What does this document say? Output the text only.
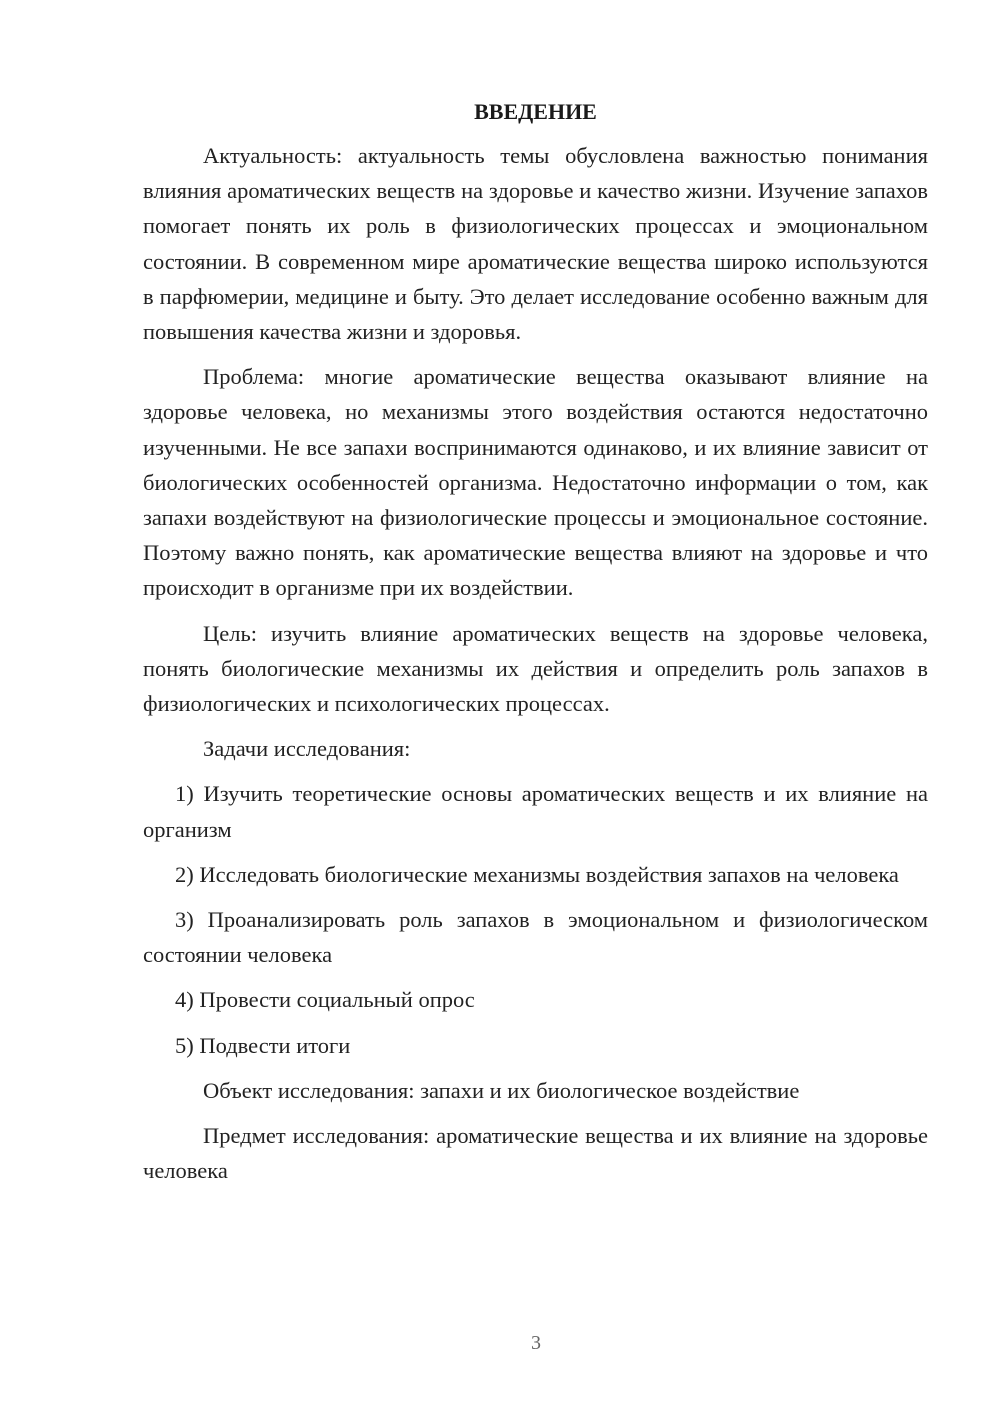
ВВЕДЕНИЕ

Актуальность: актуальность темы обусловлена важностью понимания влияния ароматических веществ на здоровье и качество жизни. Изучение запахов помогает понять их роль в физиологических процессах и эмоциональном состоянии. В современном мире ароматические вещества широко используются в парфюмерии, медицине и быту. Это делает исследование особенно важным для повышения качества жизни и здоровья.

Проблема: многие ароматические вещества оказывают влияние на здоровье человека, но механизмы этого воздействия остаются недостаточно изученными. Не все запахи воспринимаются одинаково, и их влияние зависит от биологических особенностей организма. Недостаточно информации о том, как запахи воздействуют на физиологические процессы и эмоциональное состояние. Поэтому важно понять, как ароматические вещества влияют на здоровье и что происходит в организме при их воздействии.

Цель: изучить влияние ароматических веществ на здоровье человека, понять биологические механизмы их действия и определить роль запахов в физиологических и психологических процессах.

Задачи исследования:

1) Изучить теоретические основы ароматических веществ и их влияние на организм

2) Исследовать биологические механизмы воздействия запахов на человека

3) Проанализировать роль запахов в эмоциональном и физиологическом состоянии человека

4) Провести социальный опрос

5) Подвести итоги

Объект исследования: запахи и их биологическое воздействие

Предмет исследования: ароматические вещества и их влияние на здоровье человека

3
